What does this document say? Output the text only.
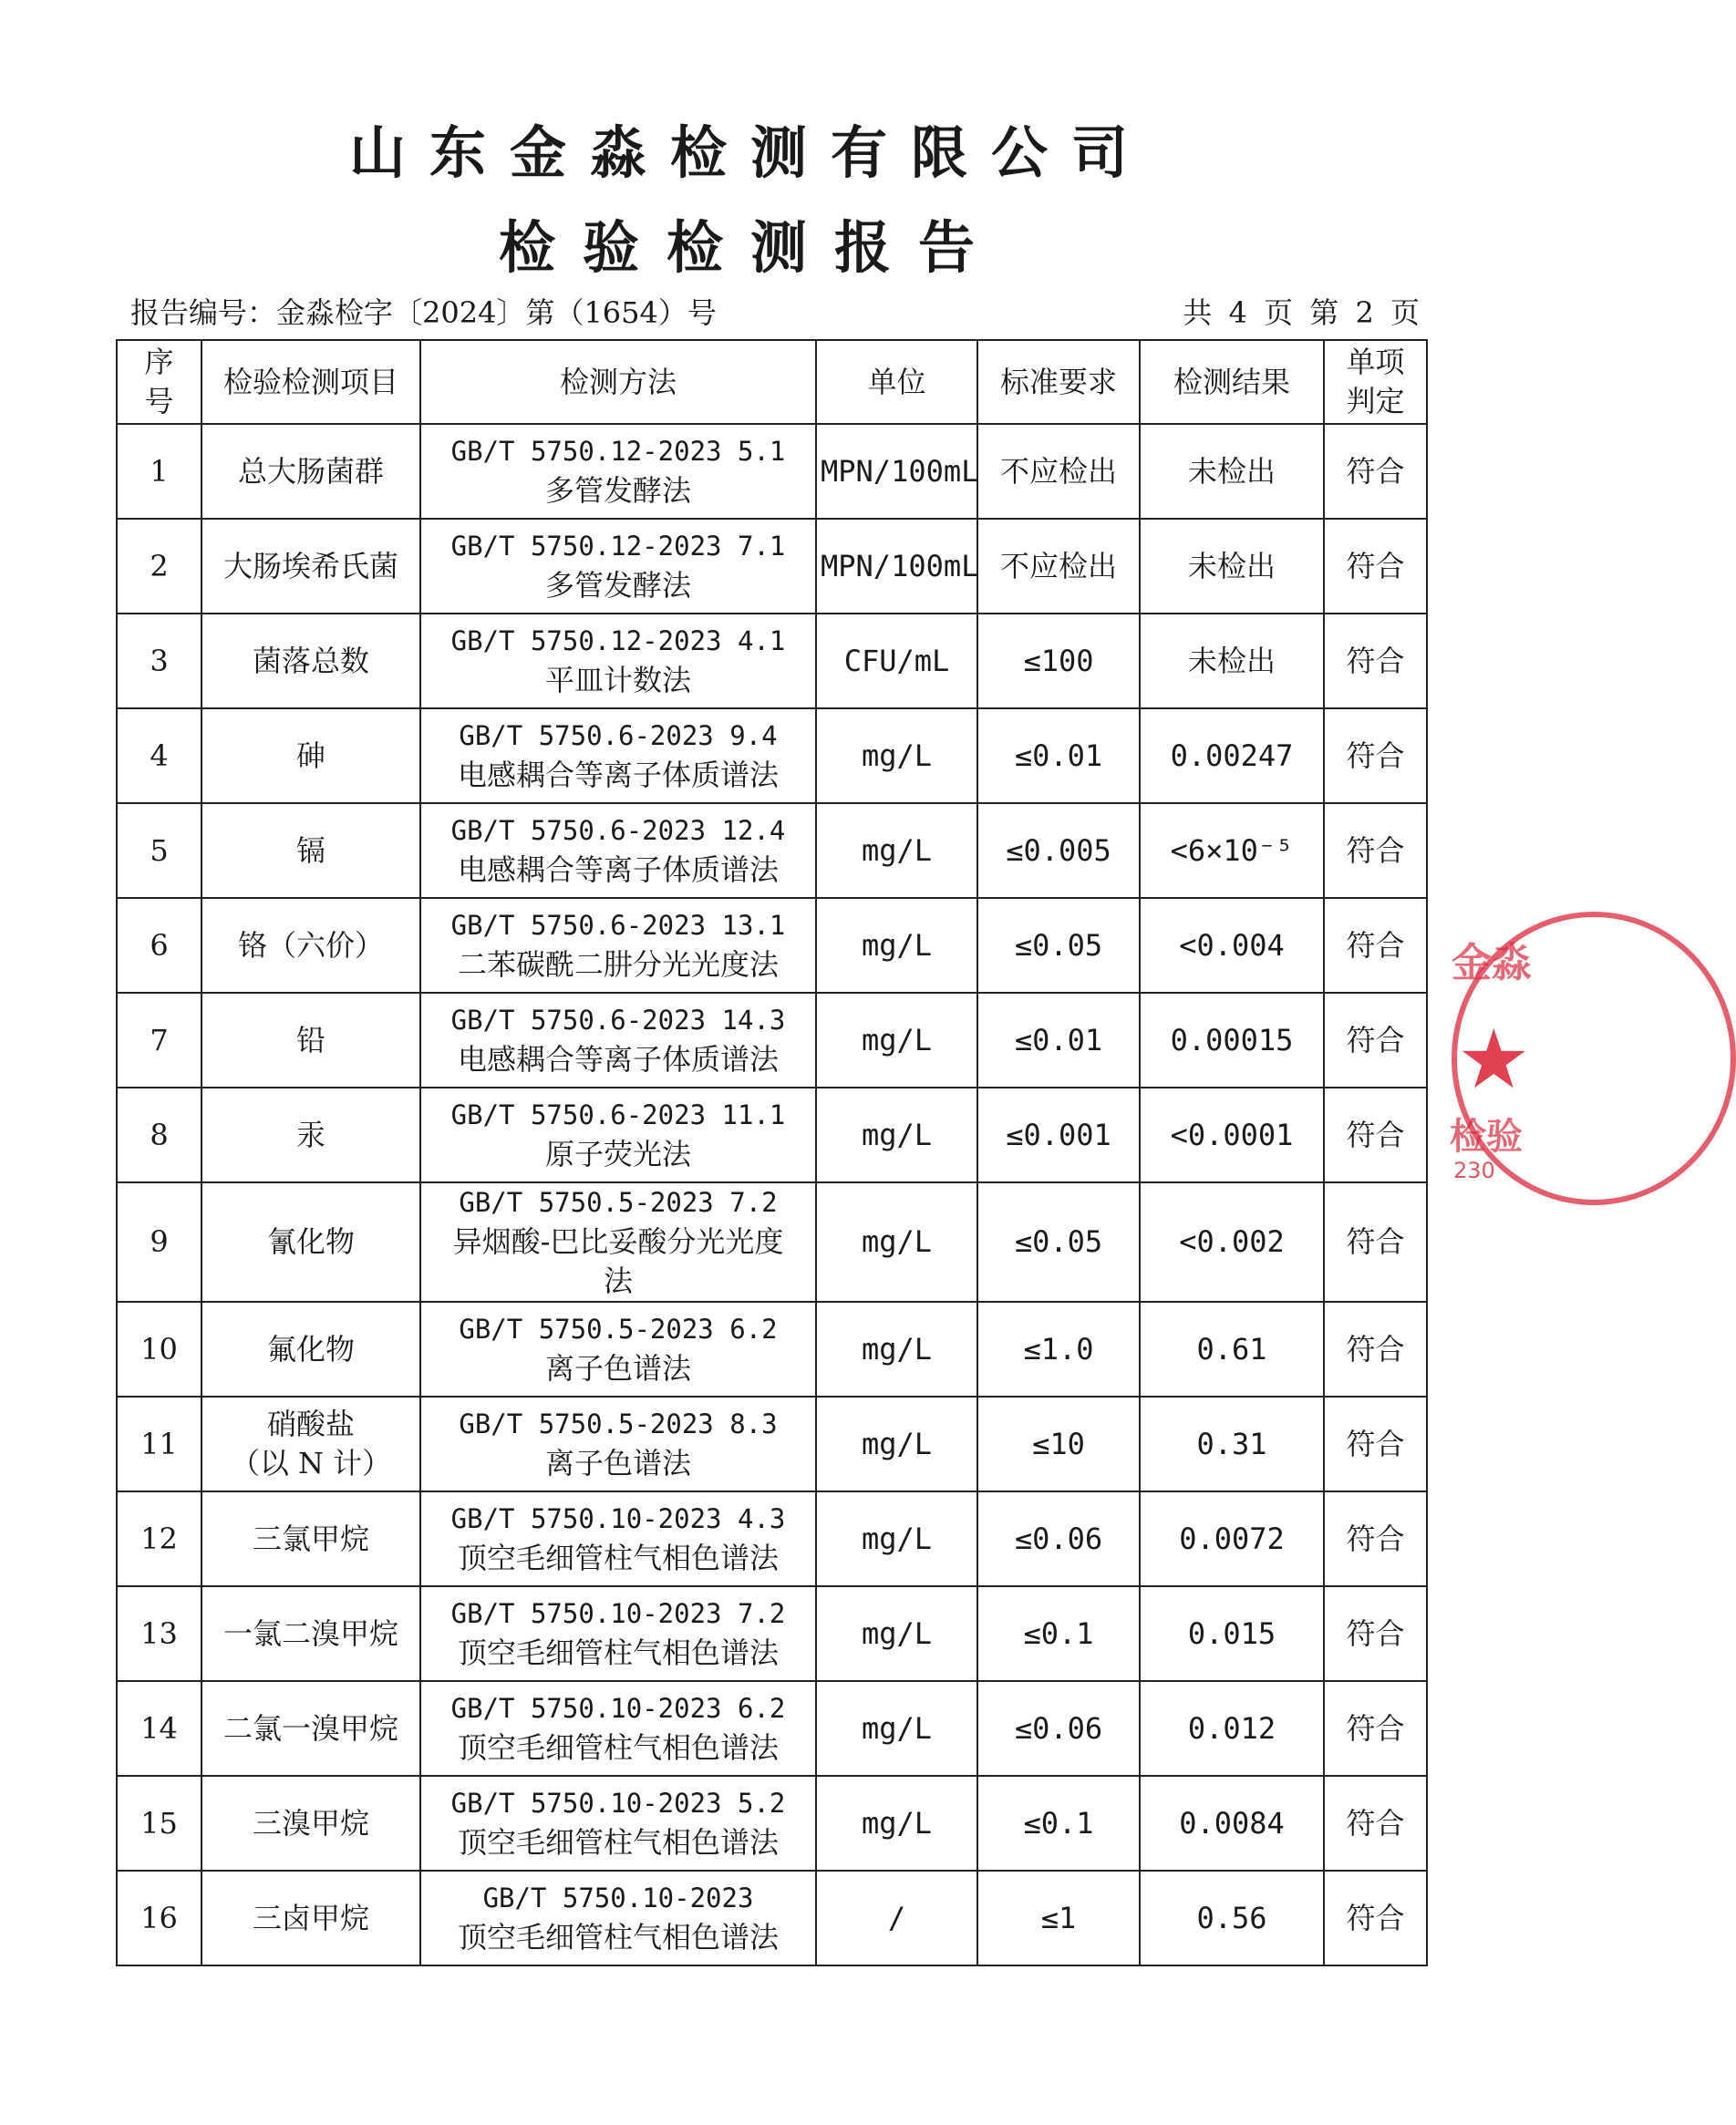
山东金淼检测有限公司
检验检测报告
报告编号：金淼检字〔2024〕第（1654）号	共 4 页 第 2 页
序
号	检验检测项目	检测方法	单位	标准要求	检测结果	单项
判定

1	总大肠菌群	GB/T 5750.12-2023 5.1
多管发酵法	MPN/100mL	不应检出	未检出	符合
2	大肠埃希氏菌	GB/T 5750.12-2023 7.1
多管发酵法	MPN/100mL	不应检出	未检出	符合
3	菌落总数	GB/T 5750.12-2023 4.1
平皿计数法	CFU/mL	≤100	未检出	符合
4	砷	GB/T 5750.6-2023 9.4
电感耦合等离子体质谱法	mg/L	≤0.01	0.00247	符合
5	镉	GB/T 5750.6-2023 12.4
电感耦合等离子体质谱法	mg/L	≤0.005	<6×10⁻⁵	符合
6	铬（六价）	GB/T 5750.6-2023 13.1
二苯碳酰二肼分光光度法	mg/L	≤0.05	<0.004	符合
7	铅	GB/T 5750.6-2023 14.3
电感耦合等离子体质谱法	mg/L	≤0.01	0.00015	符合
8	汞	GB/T 5750.6-2023 11.1
原子荧光法	mg/L	≤0.001	<0.0001	符合
9	氰化物	GB/T 5750.5-2023 7.2
异烟酸-巴比妥酸分光光度
法	mg/L	≤0.05	<0.002	符合
10	氟化物	GB/T 5750.5-2023 6.2
离子色谱法	mg/L	≤1.0	0.61	符合
11	硝酸盐
（以 N 计）	GB/T 5750.5-2023 8.3
离子色谱法	mg/L	≤10	0.31	符合
12	三氯甲烷	GB/T 5750.10-2023 4.3
顶空毛细管柱气相色谱法	mg/L	≤0.06	0.0072	符合
13	一氯二溴甲烷	GB/T 5750.10-2023 7.2
顶空毛细管柱气相色谱法	mg/L	≤0.1	0.015	符合
14	二氯一溴甲烷	GB/T 5750.10-2023 6.2
顶空毛细管柱气相色谱法	mg/L	≤0.06	0.012	符合
15	三溴甲烷	GB/T 5750.10-2023 5.2
顶空毛细管柱气相色谱法	mg/L	≤0.1	0.0084	符合
16	三卤甲烷	GB/T 5750.10-2023
顶空毛细管柱气相色谱法	/	≤1	0.56	符合
金淼
★
检验
230
